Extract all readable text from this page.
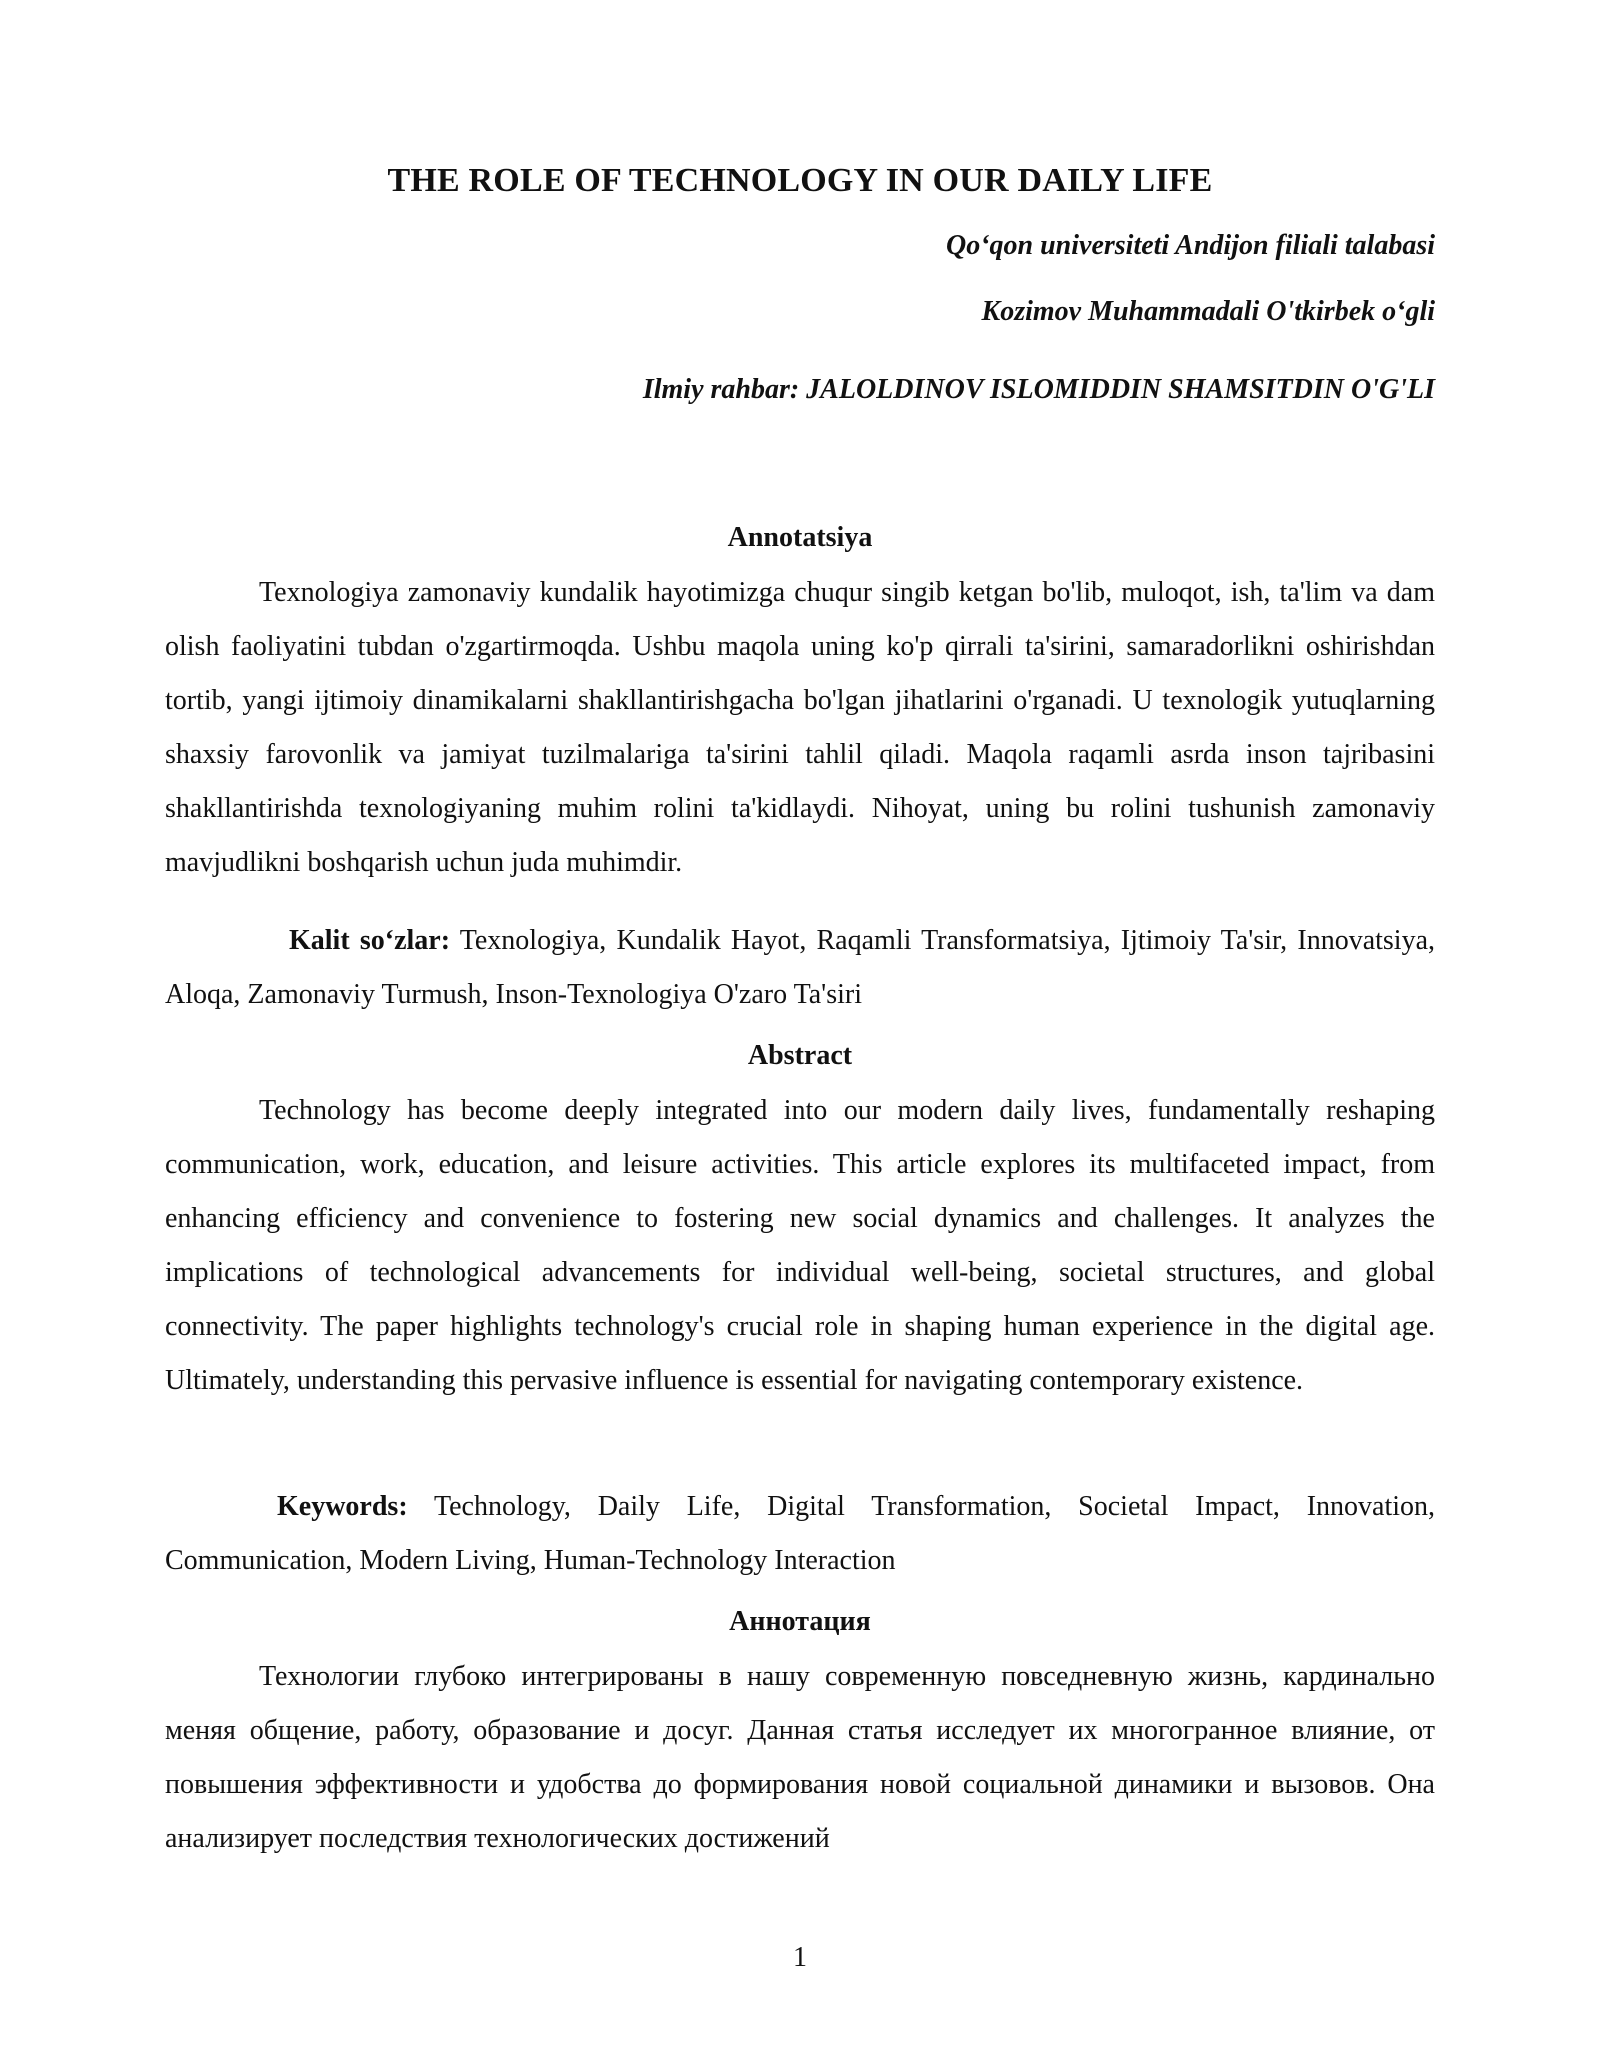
THE ROLE OF TECHNOLOGY IN OUR DAILY LIFE
Qo‘qon universiteti Andijon filiali talabasi
Kozimov Muhammadali O'tkirbek o‘gli
Ilmiy rahbar: JALOLDINOV ISLOMIDDIN SHAMSITDIN O'G'LI
Annotatsiya

Texnologiya zamonaviy kundalik hayotimizga chuqur singib ketgan bo'lib, muloqot, ish, ta'lim va dam olish faoliyatini tubdan o'zgartirmoqda. Ushbu maqola uning ko'p qirrali ta'sirini, samaradorlikni oshirishdan tortib, yangi ijtimoiy dinamikalarni shakllantirishgacha bo'lgan jihatlarini o'rganadi. U texnologik yutuqlarning shaxsiy farovonlik va jamiyat tuzilmalariga ta'sirini tahlil qiladi. Maqola raqamli asrda inson tajribasini shakllantirishda texnologiyaning muhim rolini ta'kidlaydi. Nihoyat, uning bu rolini tushunish zamonaviy mavjudlikni boshqarish uchun juda muhimdir.

Kalit so‘zlar: Texnologiya, Kundalik Hayot, Raqamli Transformatsiya, Ijtimoiy Ta'sir, Innovatsiya, Aloqa, Zamonaviy Turmush, Inson-Texnologiya O'zaro Ta'siri

Abstract

Technology has become deeply integrated into our modern daily lives, fundamentally reshaping communication, work, education, and leisure activities. This article explores its multifaceted impact, from enhancing efficiency and convenience to fostering new social dynamics and challenges. It analyzes the implications of technological advancements for individual well-being, societal structures, and global connectivity. The paper highlights technology's crucial role in shaping human experience in the digital age. Ultimately, understanding this pervasive influence is essential for navigating contemporary existence.

Keywords: Technology, Daily Life, Digital Transformation, Societal Impact, Innovation, Communication, Modern Living, Human-Technology Interaction

Аннотация

Технологии глубоко интегрированы в нашу современную повседневную жизнь, кардинально меняя общение, работу, образование и досуг. Данная статья исследует их многогранное влияние, от повышения эффективности и удобства до формирования новой социальной динамики и вызовов. Она анализирует последствия технологических достижений

1
